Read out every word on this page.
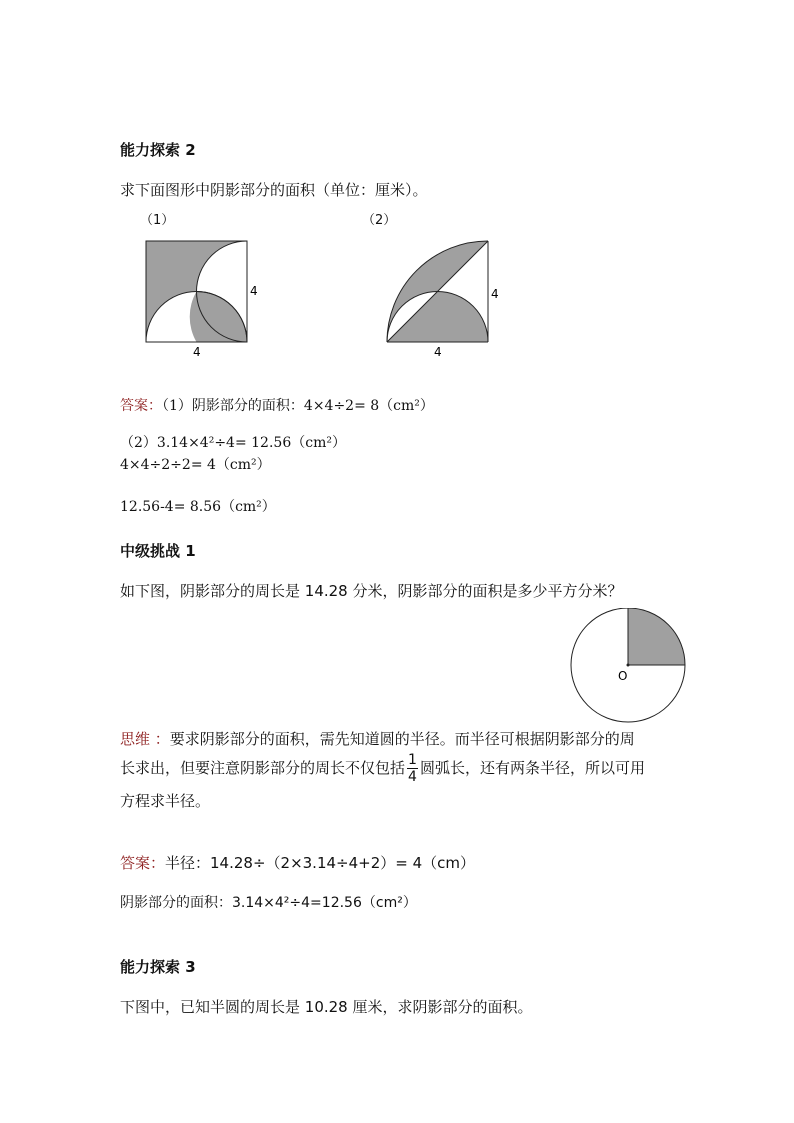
能力探索 2
求下面图形中阴影部分的面积（单位：厘米）。
（1）	（2）
4
4
4
4
答案：（1）阴影部分的面积：4×4÷2= 8（cm²）
（2）3.14×4²÷4= 12.56（cm²）
4×4÷2÷2= 4（cm²）
12.56-4= 8.56（cm²）
中级挑战 1
如下图，阴影部分的周长是 14.28 分米，阴影部分的面积是多少平方分米？
O
思维 ：要求阴影部分的面积，需先知道圆的半径。而半径可根据阴影部分的周
长求出，但要注意阴影部分的周长不仅包括 $\frac{1}{4}$ 圆弧长，还有两条半径，所以可用
方程求半径。
答案：半径：14.28÷（2×3.14÷4+2）= 4（cm）
阴影部分的面积：3.14×4²÷4=12.56（cm²）
能力探索 3
下图中，已知半圆的周长是 10.28 厘米，求阴影部分的面积。
